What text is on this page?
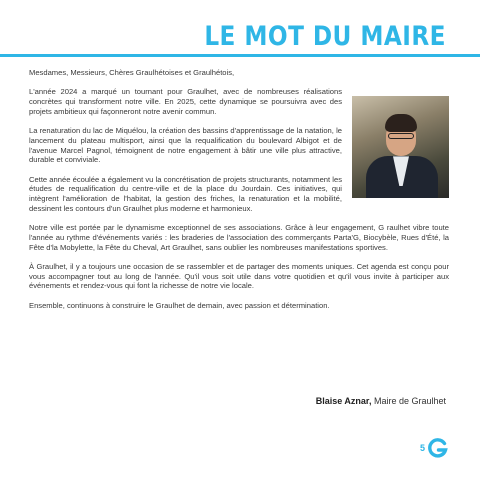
LE MOT DU MAIRE

Mesdames, Messieurs, Chères Graulhétoises et Graulhétois,

L'année 2024 a marqué un tournant pour Graulhet, avec de nombreuses réalisations concrètes qui transforment notre ville. En 2025, cette dynamique se poursuivra avec des projets ambitieux qui façonneront notre avenir commun.

La renaturation du lac de Miquélou, la création des bassins d'apprentissage de la natation, le lancement du plateau multisport, ainsi que la requalification du boulevard Albigot et de l'avenue Marcel Pagnol, témoignent de notre engagement à bâtir une ville plus attractive, durable et conviviale.

Cette année écoulée a également vu la concrétisation de projets structurants, notamment les études de requalification du centre-ville et de la place du Jourdain. Ces initiatives, qui intègrent l'amélioration de l'habitat, la gestion des friches, la renaturation et la mobilité, dessinent les contours d'un Graulhet plus moderne et harmonieux.

Notre ville est portée par le dynamisme exceptionnel de ses associations. Grâce à leur engagement, G raulhet vibre toute l'année au rythme d'événements variés : les braderies de l'association des commerçants Parta'G, Biocybèle, Rues d'Été, la Fête d'la Mobylette, la Fête du Cheval, Art Graulhet, sans oublier les nombreuses manifestations sportives.

À Graulhet, il y a toujours une occasion de se rassembler et de partager des moments uniques. Cet agenda est conçu pour vous accompagner tout au long de l'année. Qu'il vous soit utile dans votre quotidien et qu'il vous invite à participer aux événements et rendez-vous qui font la richesse de notre vie locale.

Ensemble, continuons à construire le Graulhet de demain, avec passion et détermination.

Blaise Aznar, Maire de Graulhet
5
